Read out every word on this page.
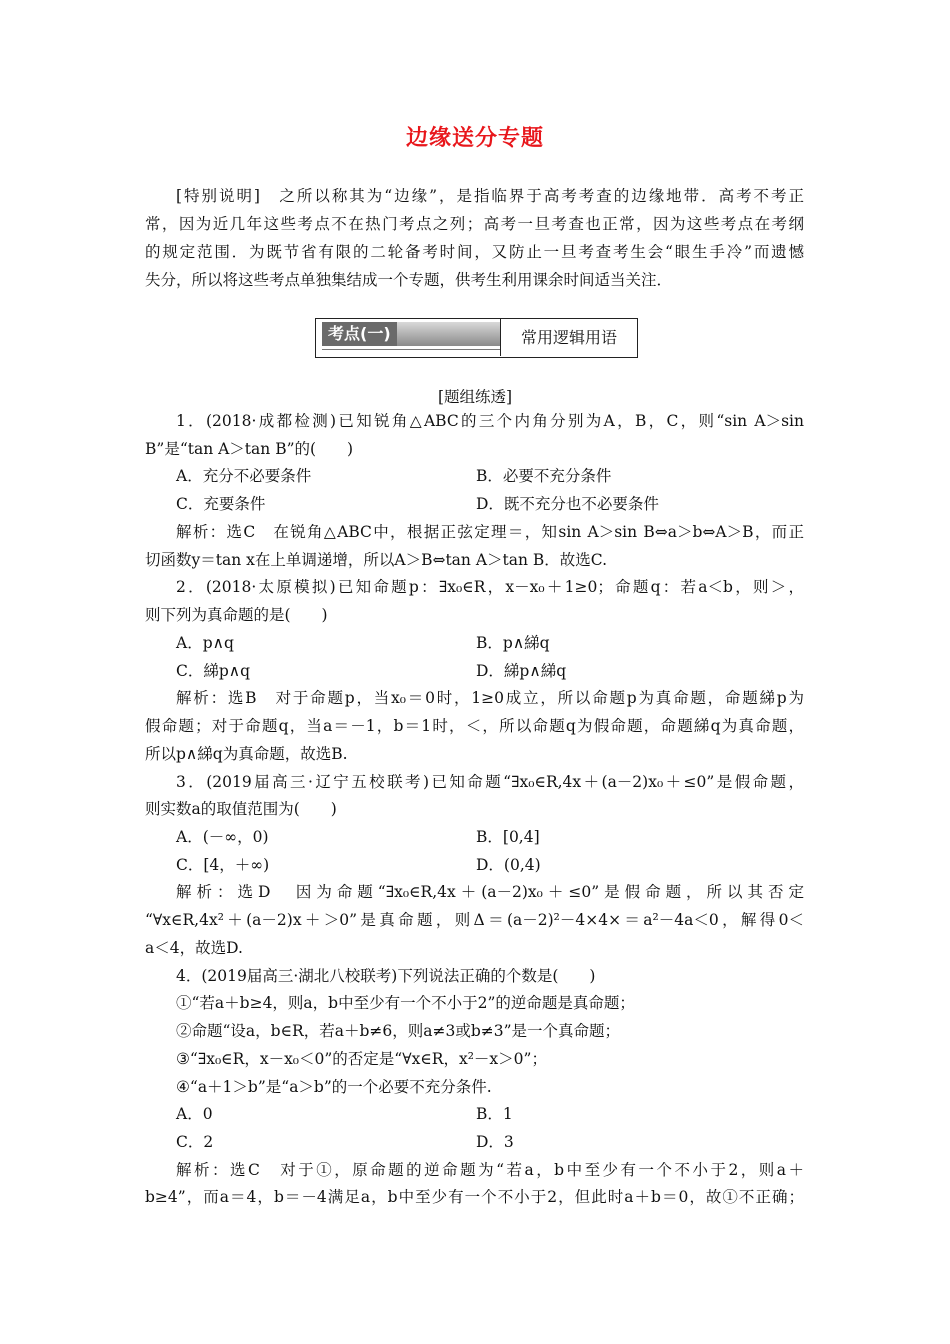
边缘送分专题
[特别说明]　之所以称其为“边缘”，是指临界于高考考查的边缘地带．高考不考正
常，因为近几年这些考点不在热门考点之列；高考一旦考查也正常，因为这些考点在考纲
的规定范围．为既节省有限的二轮备考时间，又防止一旦考查考生会“眼生手冷”而遗憾
失分，所以将这些考点单独集结成一个专题，供考生利用课余时间适当关注．
考点(一)	常用逻辑用语
[题组练透]
1．(2018·成都检测)已知锐角△ABC的三个内角分别为A，B，C，则“sin A＞sin
B”是“tan A＞tan B”的(　　)
A．充分不必要条件	B．必要不充分条件
C．充要条件	D．既不充分也不必要条件
解析：选C　在锐角△ABC中，根据正弦定理＝，知sin A＞sin B⇔a＞b⇔A＞B，而正
切函数y＝tan x在上单调递增，所以A＞B⇔tan A＞tan B．故选C.
2．(2018·太原模拟)已知命题p：∃x₀∈R，x－x₀＋1≥0；命题q：若a＜b，则＞，
则下列为真命题的是(　　)
A．p∧q	B．p∧綈q
C．綈p∧q	D．綈p∧綈q
解析：选B　对于命题p，当x₀＝0时，1≥0成立，所以命题p为真命题，命题綈p为
假命题；对于命题q，当a＝－1，b＝1时，＜，所以命题q为假命题，命题綈q为真命题，
所以p∧綈q为真命题，故选B.
3．(2019届高三·辽宁五校联考)已知命题“∃x₀∈R,4x＋(a－2)x₀＋≤0”是假命题，
则实数a的取值范围为(　　)
A．(－∞，0)	B．[0,4]
C．[4，＋∞)	D．(0,4)
解析：选D　因为命题“∃x₀∈R,4x＋(a－2)x₀＋≤0”是假命题，所以其否定
“∀x∈R,4x²＋(a－2)x＋＞0”是真命题，则Δ＝(a－2)²－4×4×＝a²－4a＜0，解得0＜
a＜4，故选D.
4．(2019届高三·湖北八校联考)下列说法正确的个数是(　　)
①“若a＋b≥4，则a，b中至少有一个不小于2”的逆命题是真命题；
②命题“设a，b∈R，若a＋b≠6，则a≠3或b≠3”是一个真命题；
③“∃x₀∈R，x－x₀＜0”的否定是“∀x∈R，x²－x＞0”；
④“a＋1＞b”是“a＞b”的一个必要不充分条件.
A．0	B．1
C．2	D．3
解析：选C　对于①，原命题的逆命题为“若a，b中至少有一个不小于2，则a＋
b≥4”，而a＝4，b＝－4满足a，b中至少有一个不小于2，但此时a＋b＝0，故①不正确；
